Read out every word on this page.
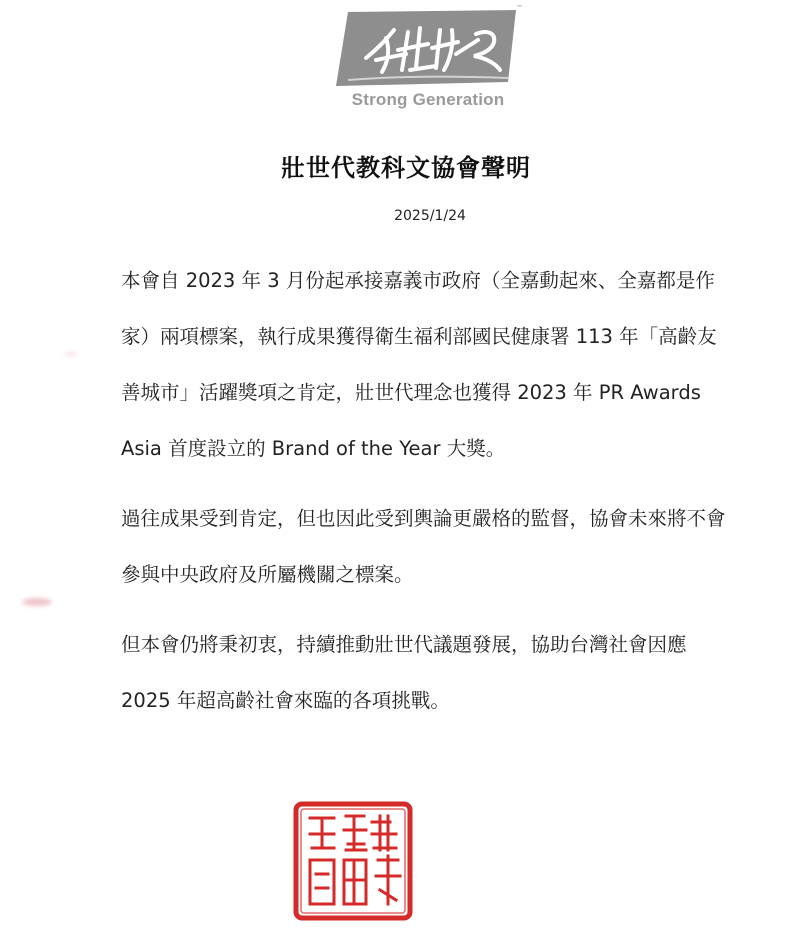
™
Strong Generation
壯世代教科文協會聲明
2025/1/24

本會自 2023 年 3 月份起承接嘉義市政府（全嘉動起來、全嘉都是作家）兩項標案，執行成果獲得衛生福利部國民健康署 113 年「高齡友善城市」活躍獎項之肯定，壯世代理念也獲得 2023 年 PR Awards Asia 首度設立的 Brand of the Year 大獎。

過往成果受到肯定，但也因此受到輿論更嚴格的監督，協會未來將不會參與中央政府及所屬機關之標案。

但本會仍將秉初衷，持續推動壯世代議題發展，協助台灣社會因應 2025 年超高齡社會來臨的各項挑戰。
